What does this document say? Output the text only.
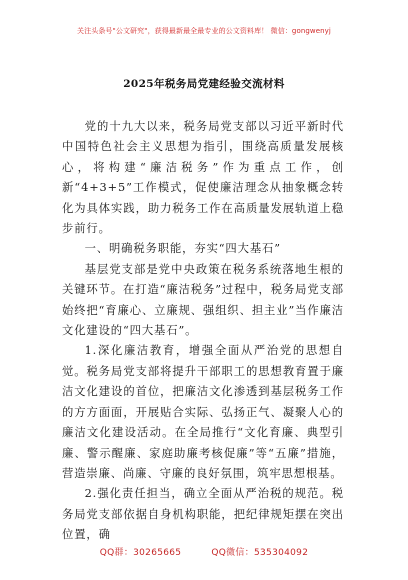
关注头条号"公文研究"，获得最新最全最专业的公文资料库！ 微信：gongwenyj
2025年税务局党建经验交流材料

党的十九大以来，税务局党支部以习近平新时代中国特色社会主义思想为指引，围绕高质量发展核心，将构建“廉洁税务”作为重点工作，创新“4+3+5”工作模式，促使廉洁理念从抽象概念转化为具体实践，助力税务工作在高质量发展轨道上稳步前行。

一、明确税务职能，夯实“四大基石”

基层党支部是党中央政策在税务系统落地生根的关键环节。在打造“廉洁税务”过程中，税务局党支部始终把“育廉心、立廉规、强组织、担主业”当作廉洁文化建设的“四大基石”。

1.深化廉洁教育，增强全面从严治党的思想自觉。税务局党支部将提升干部职工的思想教育置于廉洁文化建设的首位，把廉洁文化渗透到基层税务工作的方方面面，开展贴合实际、弘扬正气、凝聚人心的廉洁文化建设活动。在全局推行“文化育廉、典型引廉、警示醒廉、家庭助廉考核促廉”等“五廉”措施，营造崇廉、尚廉、守廉的良好氛围，筑牢思想根基。

2.强化责任担当，确立全面从严治税的规范。税务局党支部依据自身机构职能，把纪律规矩摆在突出位置，确

QQ群：30265665	QQ微信：535304092
